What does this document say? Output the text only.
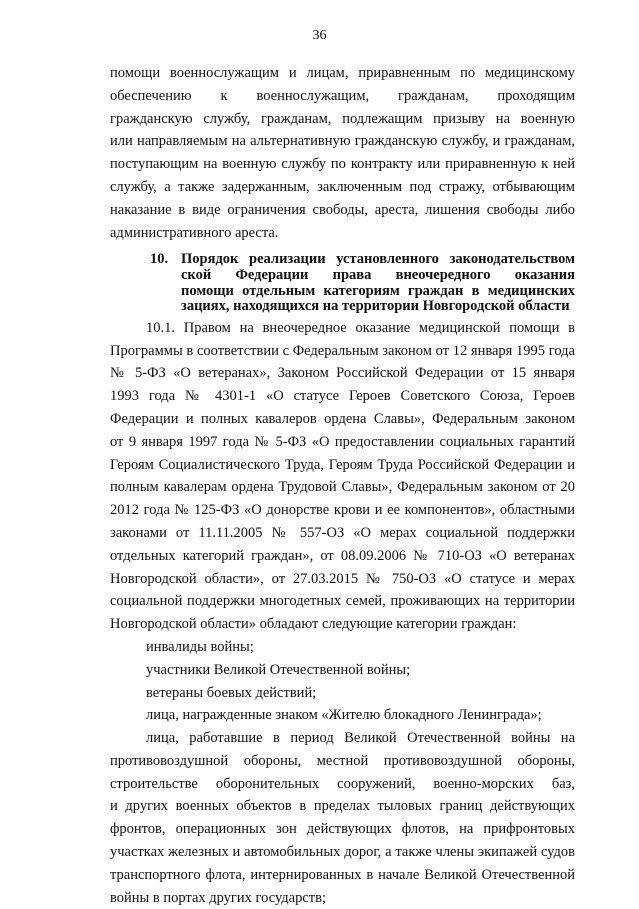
36
помощи военнослужащим и лицам, приравненным по медицинскому
обеспечению к военнослужащим, гражданам, проходящим
гражданскую службу, гражданам, подлежащим призыву на военную
или направляемым на альтернативную гражданскую службу, и гражданам,
поступающим на военную службу по контракту или приравненную к ней
службу, а также задержанным, заключенным под стражу, отбывающим
наказание в виде ограничения свободы, ареста, лишения свободы либо
административного ареста.
10. Порядок реализации установленного законодательством
ской Федерации права внеочередного оказания
помощи отдельным категориям граждан в медицинских
зациях, находящихся на территории Новгородской области
10.1. Правом на внеочередное оказание медицинской помощи в
Программы в соответствии с Федеральным законом от 12 января 1995 года
№ 5-ФЗ «О ветеранах», Законом Российской Федерации от 15 января
1993 года № 4301-1 «О статусе Героев Советского Союза, Героев
Федерации и полных кавалеров ордена Славы», Федеральным законом
от 9 января 1997 года № 5-ФЗ «О предоставлении социальных гарантий
Героям Социалистического Труда, Героям Труда Российской Федерации и
полным кавалерам ордена Трудовой Славы», Федеральным законом от 20
2012 года № 125-ФЗ «О донорстве крови и ее компонентов», областными
законами от 11.11.2005 № 557-ОЗ «О мерах социальной поддержки
отдельных категорий граждан», от 08.09.2006 № 710-ОЗ «О ветеранах
Новгородской области», от 27.03.2015 № 750-ОЗ «О статусе и мерах
социальной поддержки многодетных семей, проживающих на территории
Новгородской области» обладают следующие категории граждан:
инвалиды войны;
участники Великой Отечественной войны;
ветераны боевых действий;
лица, награжденные знаком «Жителю блокадного Ленинграда»;
лица, работавшие в период Великой Отечественной войны на
противовоздушной обороны, местной противовоздушной обороны,
строительстве оборонительных сооружений, военно-морских баз,
и других военных объектов в пределах тыловых границ действующих
фронтов, операционных зон действующих флотов, на прифронтовых
участках железных и автомобильных дорог, а также члены экипажей судов
транспортного флота, интернированных в начале Великой Отечественной
войны в портах других государств;
